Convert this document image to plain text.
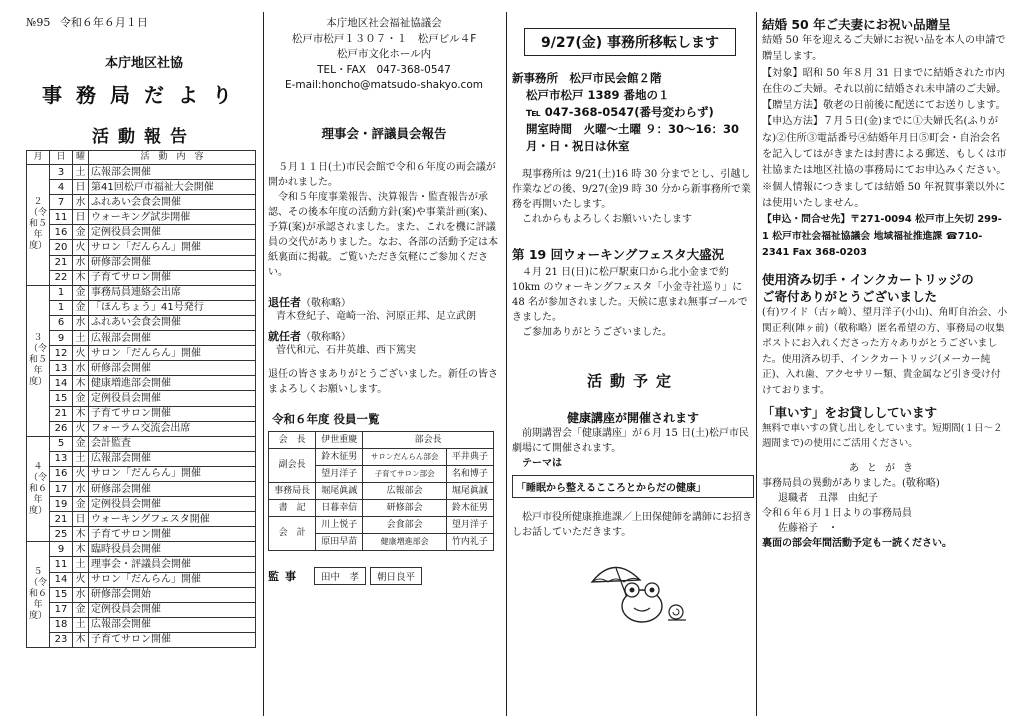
№95 令和６年６月１日
本庁地区社協
事務局だより
活動報告
月	日	曜	活　動　内　容
２（令和５年度）	3	土	広報部会開催
	4	日	第41回松戸市福祉大会開催
	7	水	ふれあい会食会開催
	11	日	ウォーキング試歩開催
	16	金	定例役員会開催
	20	火	サロン「だんらん」開催
	21	水	研修部会開催
	22	木	子育てサロン開催
３（令和５年度）	1	金	事務局員連絡会出席
	1	金	「ほんちょう」41号発行
	6	水	ふれあい会食会開催
	9	土	広報部会開催
	12	火	サロン「だんらん」開催
	13	水	研修部会開催
	14	木	健康増進部会開催
	15	金	定例役員会開催
	21	木	子育てサロン開催
	26	火	フォーラム交流会出席
４（令和６年度）	5	金	会計監査
	13	土	広報部会開催
	16	火	サロン「だんらん」開催
	17	水	研修部会開催
	19	金	定例役員会開催
	21	日	ウォーキングフェスタ開催
	25	木	子育てサロン開催
５（令和６年度）	9	木	臨時役員会開催
	11	土	理事会・評議員会開催
	14	火	サロン「だんらん」開催
	15	水	研修部会開始
	17	金	定例役員会開催
	18	土	広報部会開催
	23	木	子育てサロン開催
本庁地区社会福祉協議会
松戸市松戸１３０７・１　松戸ビル４F
松戸市文化ホール内
TEL・FAX　047-368-0547
E-mail:honcho@matsudo-shakyo.com
理事会・評議員会報告
５月１１日(土)市民会館で令和６年度の両会議が開かれました。
令和５年度事業報告、決算報告・監査報告が承認、その後本年度の活動方針(案)や事業計画(案)、予算(案)が承認されました。また、これを機に評議員の交代がありました。なお、各部の活動予定は本紙裏面に掲載。ご覧いただき気軽にご参加ください。
退任者（敬称略）
青木登紀子、竜崎一治、河原正邦、足立武朗
就任者（敬称略）
菅代和元、石井英雄、西下篤実
退任の皆さまありがとうございました。新任の皆さまよろしくお願いします。
令和６年度 役員一覧
会　長	伊世重慶	部会長	
副会長	鈴木征男	サロンだんらん部会	平井典子
	望月洋子	子育てサロン部会	名和博子
事務局長	堀尾眞誠	広報部会	堀尾眞誠
書　記	日暮幸信	研修部会	鈴木征男
会　計	川上悦子	会食部会	望月洋子
	原田早苗	健康増進部会	竹内礼子
監事	田中　孝	朝日良平
9/27(金) 事務所移転します
新事務所　松戸市民会館２階
松戸市松戸 1389 番地の１
℡ 047-368-0547(番号変わらず)
開室時間　火曜～土曜 ９：30～16：30
月・日・祝日は休室
現事務所は 9/21(土)16 時 30 分までとし、引越し作業などの後、9/27(金)9 時 30 分から新事務所で業務を再開いたします。
これからもよろしくお願いいたします
第 19 回ウォーキングフェスタ大盛況
４月 21 日(日)に松戸駅東口から北小金まで約 10km のウォーキングフェスタ「小金寺社巡り」に 48 名が参加されました。天候に恵まれ無事ゴールできました。
ご参加ありがとうございました。
活動予定
健康講座が開催されます
前期講習会「健康講座」が６月 15 日(土)松戸市民劇場にて開催されます。
テーマは
「睡眠から整えるこころとからだの健康」
松戸市役所健康推進課／上田保健師を講師にお招きしお話していただきます。
結婚 50 年ご夫妻にお祝い品贈呈
結婚 50 年を迎えるご夫婦にお祝い品を本人の申請で贈呈します。
【対象】昭和 50 年８月 31 日までに結婚された市内在住のご夫婦。それ以前に結婚され未申請のご夫婦。【贈呈方法】敬老の日前後に配送にてお送りします。【申込方法】７月５日(金)までに①夫婦氏名(ふりがな)②住所③電話番号④結婚年月日⑤町会・自治会名を記入してはがきまたは封書による郵送、もしくは市社協または地区社協の事務局にてお申込みください。
※個人情報につきましては結婚 50 年祝賀事業以外には使用いたしません。
【申込・問合せ先】〒271-0094 松戸市上矢切 299-1 松戸市社会福祉協議会 地域福祉推進課 ☎710-2341 Fax 368-0203
使用済み切手・インクカートリッジの
ご寄付ありがとうございました
(有)ワイド（古ヶ崎）、望月洋子(小山)、角町自治会、小関正利(陣ヶ前)（敬称略）匿名希望の方、事務局の収集ポストにお入れくださった方々ありがとうございました。使用済み切手、インクカートリッジ(メーカー純正)、入れ歯、アクセサリー類、貴金属など引き受け付けております。
「車いす」をお貸ししています
無料で車いすの貸し出しをしています。短期間(１日～２週間まで)の使用にご活用ください。
あとがき
事務局員の異動がありました。(敬称略)
退職者　丑澤　由紀子
令和６年６月１日よりの事務局員
佐藤裕子　・
裏面の部会年間活動予定も一読ください。
